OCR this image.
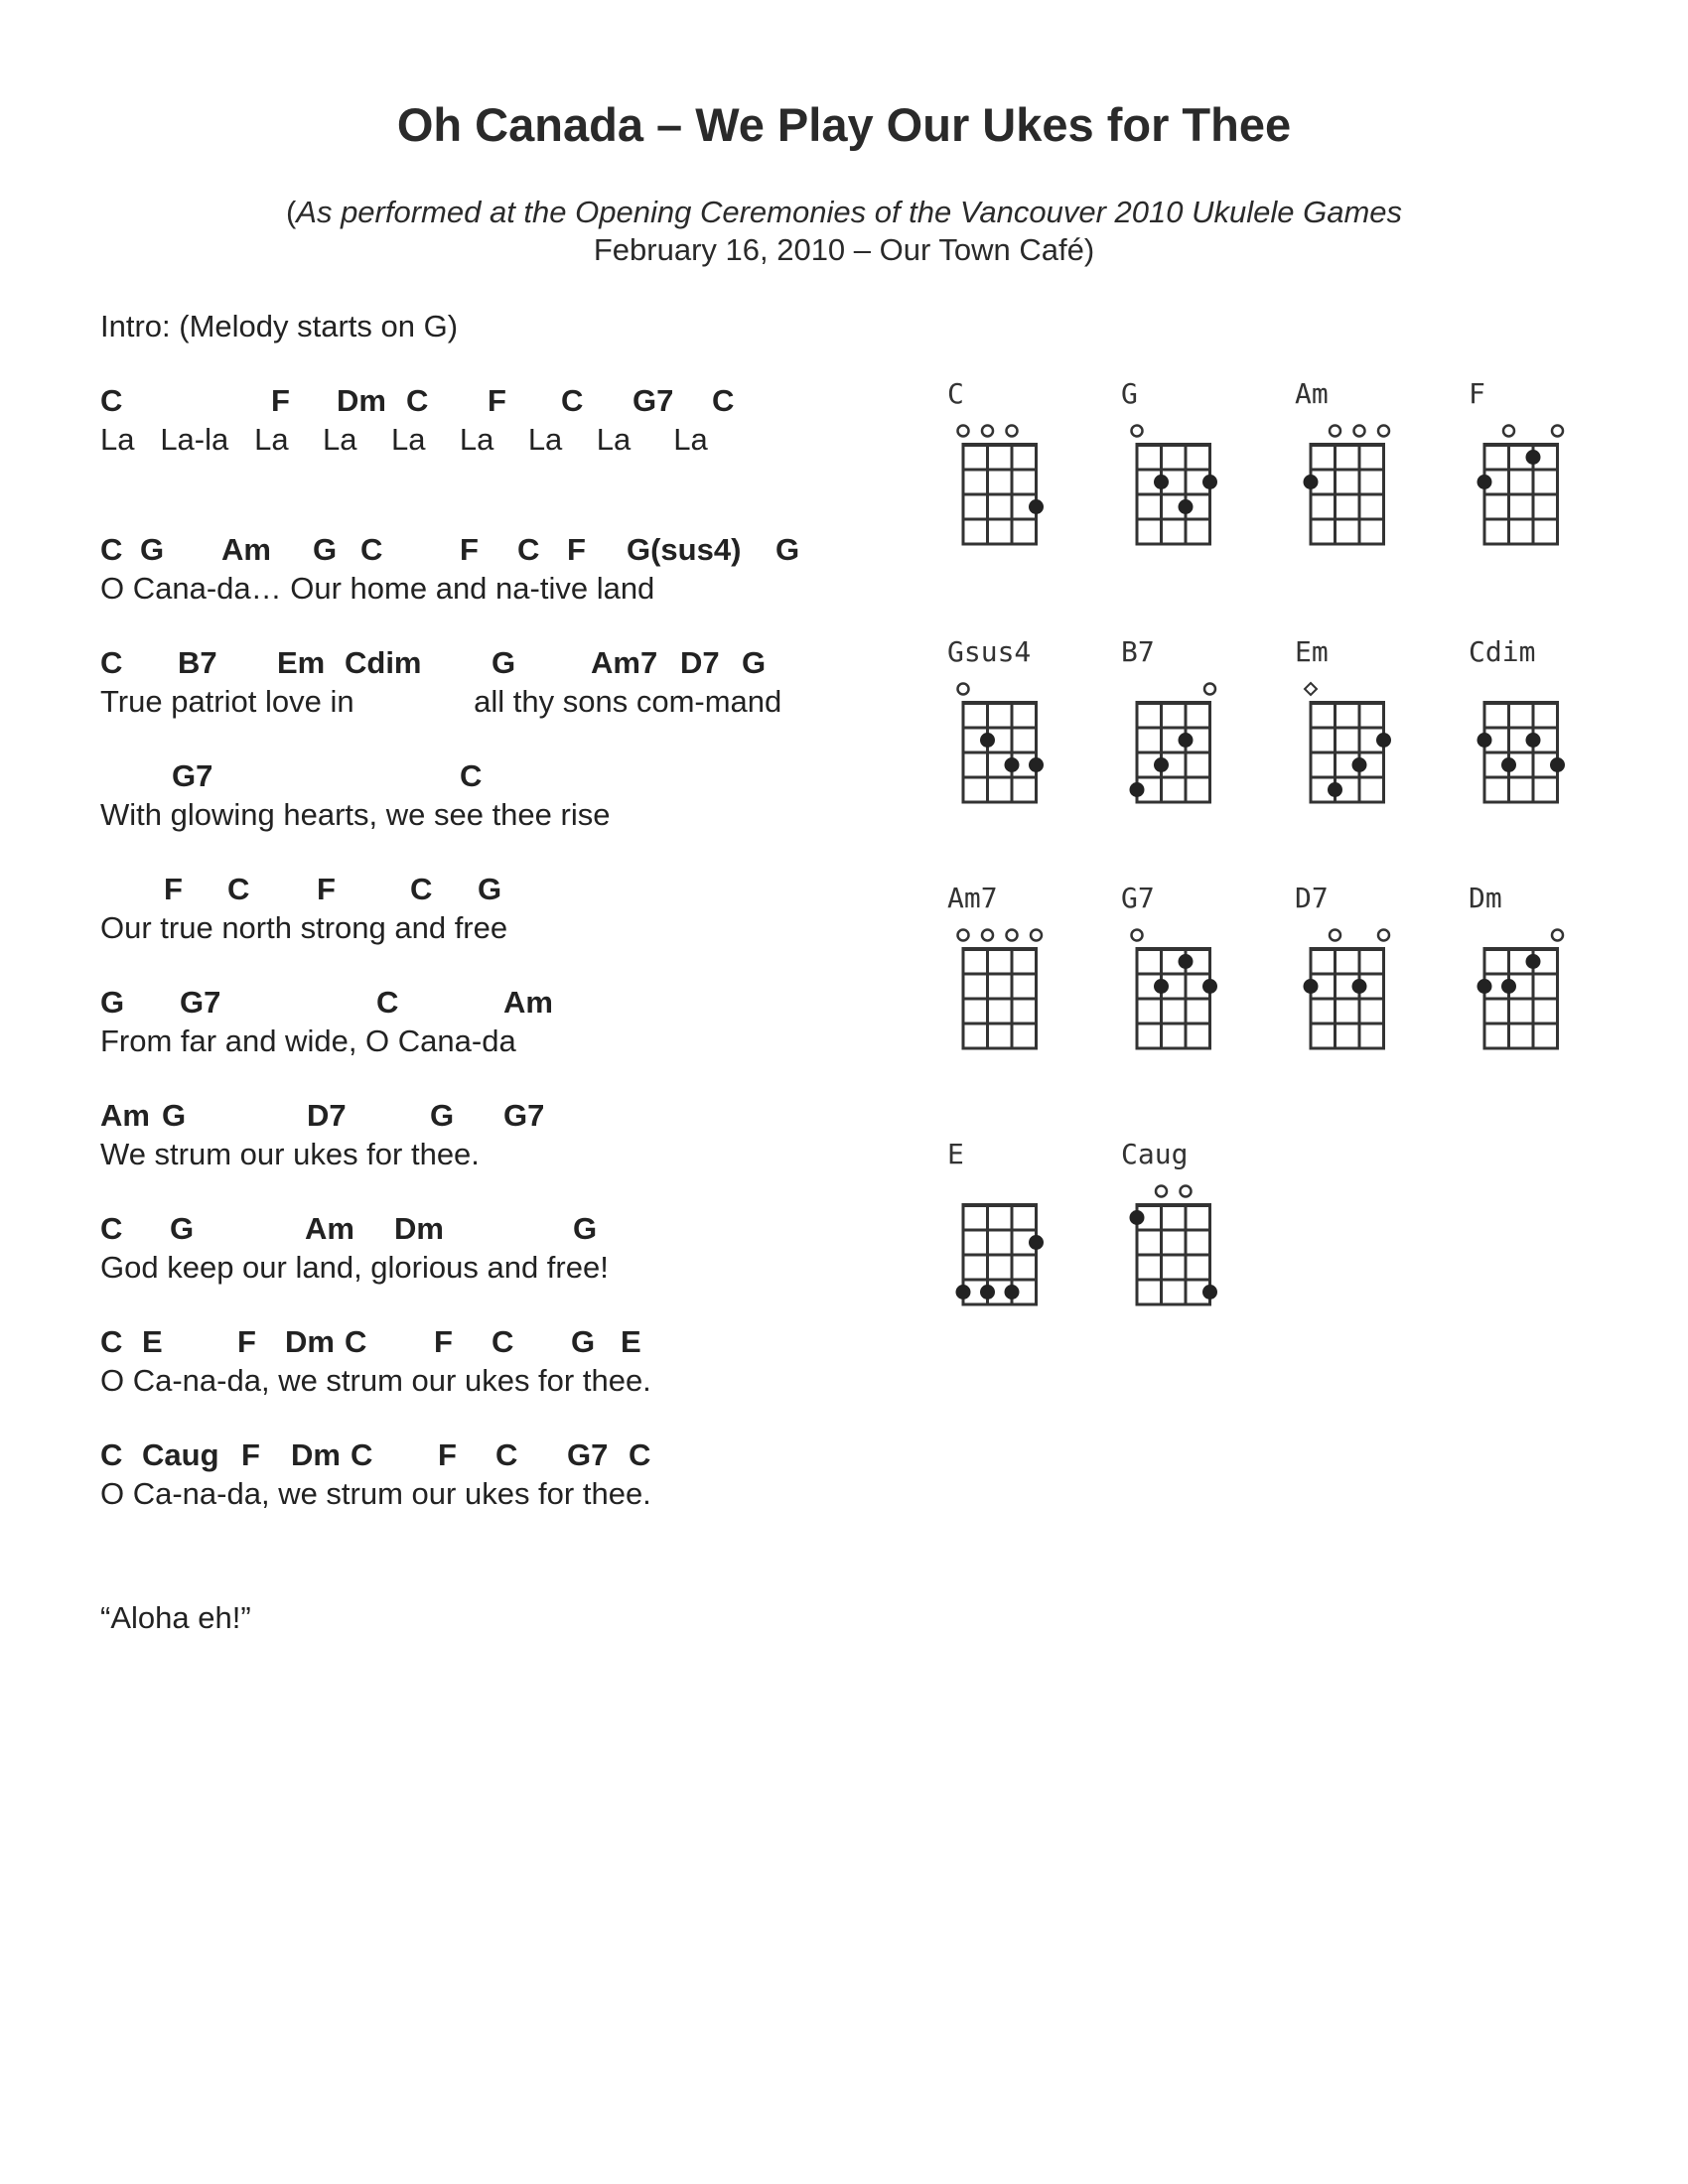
Oh Canada – We Play Our Ukes for Thee
(As performed at the Opening Ceremonies of the Vancouver 2010 Ukulele Games
February 16, 2010 – Our Town Café)
Intro: (Melody starts on G)
C	F Dm C F C G7 C
La   La-la   La    La    La    La    La    La     La
C G Am G C	F C F G(sus4) G
O Cana-da… Our home and na-tive land
C B7 Em Cdim G Am7 D7 G
True patriot love in              all thy sons com-mand
G7	C
With glowing hearts, we see thee rise
F C F C G
Our true north strong and free
G G7	C	Am
From far and wide, O Cana-da
Am G	D7	G G7
We strum our ukes for thee.
C G	Am Dm	G
God keep our land, glorious and free!
C E F Dm C F C G E
O Ca-na-da, we strum our ukes for thee.
C Caug F Dm C F C G7 C
O Ca-na-da, we strum our ukes for thee.
“Aloha eh!”
C	G	Am	F
Gsus4	B7	Em	Cdim
Am7	G7	D7	Dm
E	Caug
